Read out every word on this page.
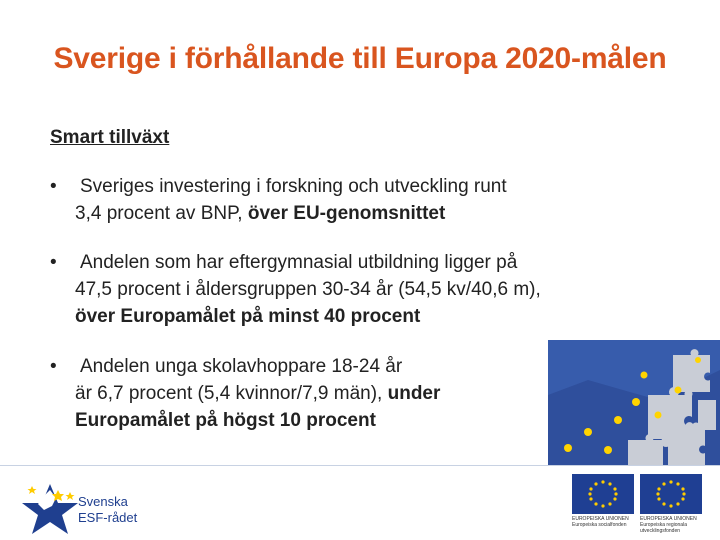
Sverige i förhållande till Europa 2020-målen
Smart tillväxt
• Sveriges investering i forskning och utveckling runt
3,4 procent av BNP, över EU-genomsnittet
• Andelen som har eftergymnasial utbildning ligger på
47,5 procent i åldersgruppen 30-34 år (54,5 kv/40,6 m),
över Europamålet på minst 40 procent
• Andelen unga skolavhoppare 18-24 år
är 6,7 procent (5,4 kvinnor/7,9 män), under
Europamålet på högst 10 procent
Svenska
ESF-rådet	EUROPEISKA UNIONEN Europeiska socialfonden
EUROPEISKA UNIONEN Europeiska regionala utvecklingsfonden
